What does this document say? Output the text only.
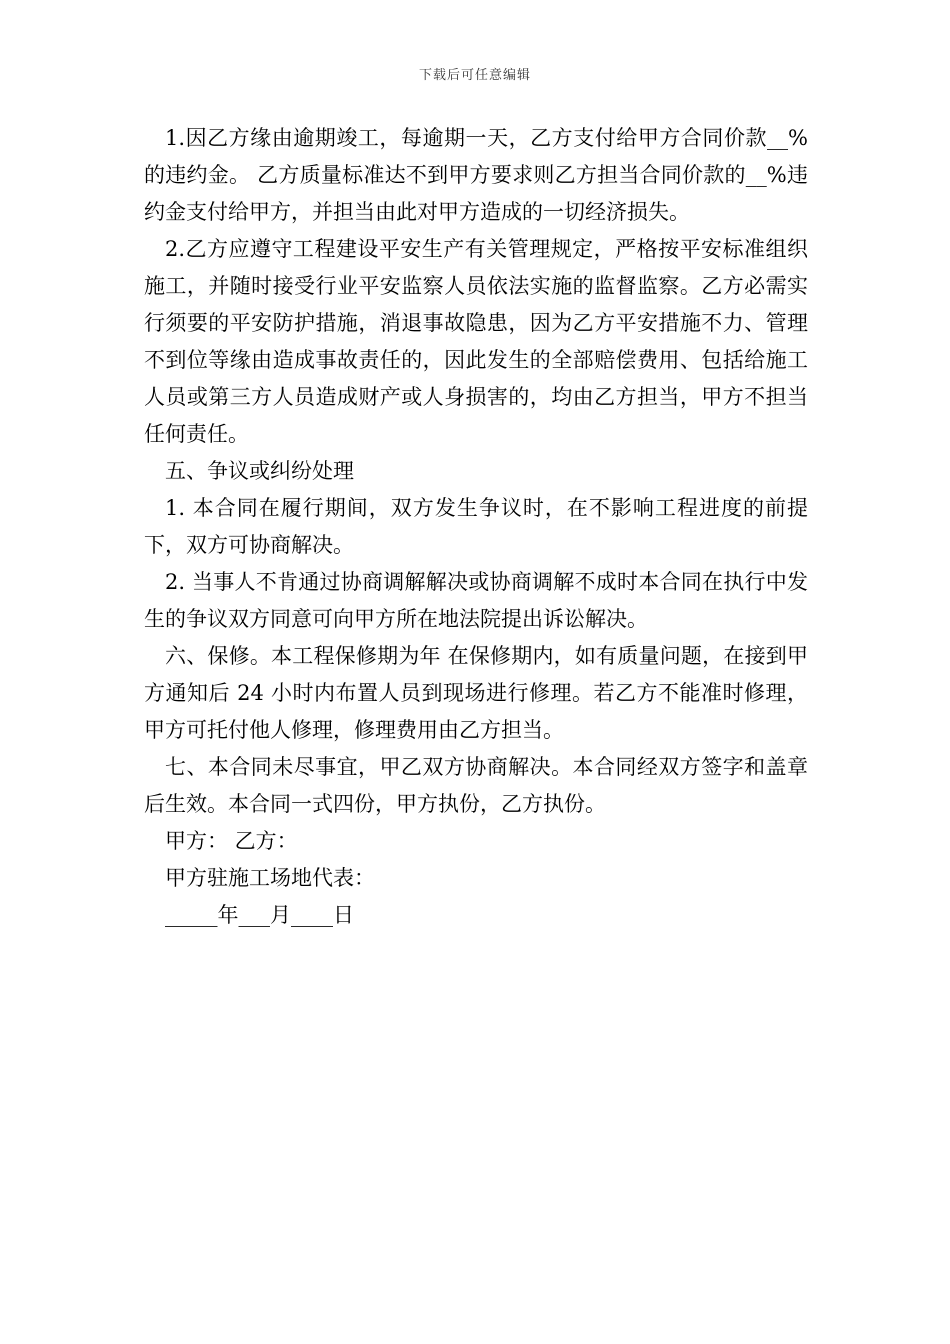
下载后可任意编辑

1.因乙方缘由逾期竣工，每逾期一天，乙方支付给甲方合同价款__%的违约金。 乙方质量标准达不到甲方要求则乙方担当合同价款的__%违约金支付给甲方，并担当由此对甲方造成的一切经济损失。

2.乙方应遵守工程建设平安生产有关管理规定，严格按平安标准组织施工，并随时接受行业平安监察人员依法实施的监督监察。乙方必需实行须要的平安防护措施，消退事故隐患，因为乙方平安措施不力、管理不到位等缘由造成事故责任的，因此发生的全部赔偿费用、包括给施工人员或第三方人员造成财产或人身损害的，均由乙方担当，甲方不担当任何责任。

五、争议或纠纷处理

1. 本合同在履行期间，双方发生争议时，在不影响工程进度的前提下，双方可协商解决。

2. 当事人不肯通过协商调解解决或协商调解不成时本合同在执行中发生的争议双方同意可向甲方所在地法院提出诉讼解决。

六、保修。本工程保修期为年 在保修期内，如有质量问题，在接到甲方通知后 24 小时内布置人员到现场进行修理。若乙方不能准时修理，甲方可托付他人修理，修理费用由乙方担当。

七、本合同未尽事宜，甲乙双方协商解决。本合同经双方签字和盖章后生效。本合同一式四份，甲方执份，乙方执份。

甲方： 乙方：

甲方驻施工场地代表：

_____年___月____日
